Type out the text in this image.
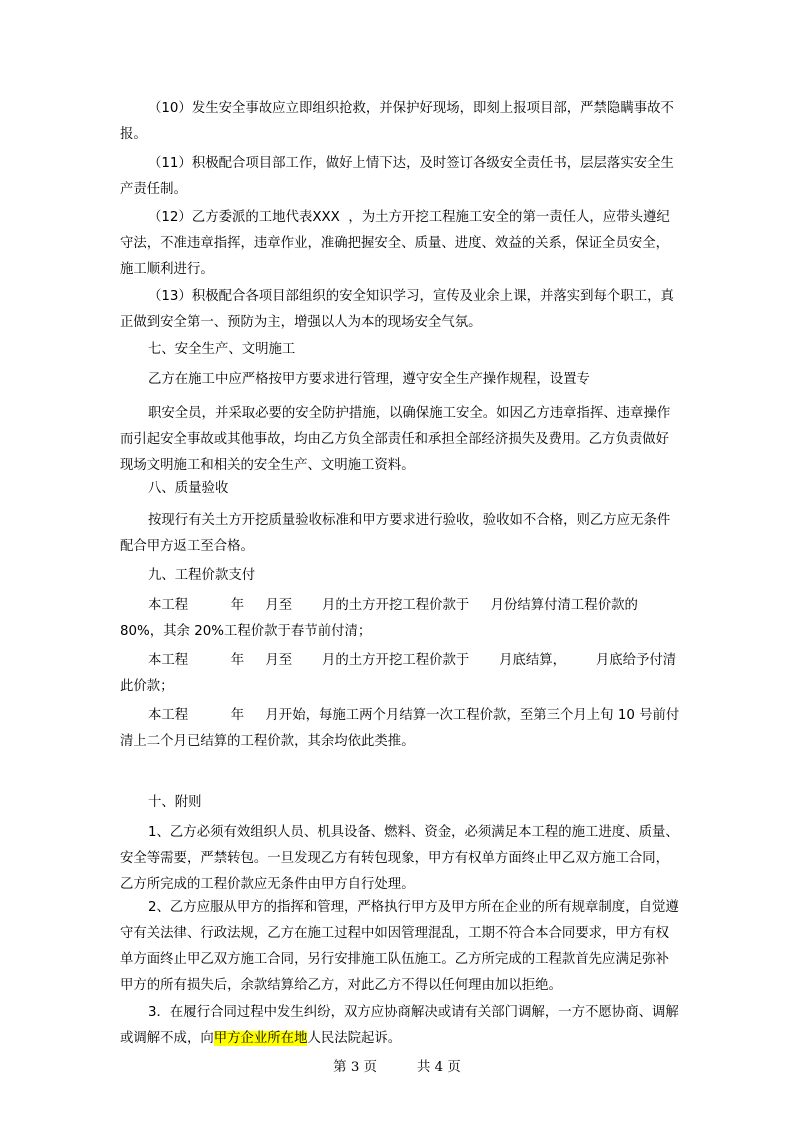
（10）发生安全事故应立即组织抢救，并保护好现场，即刻上报项目部，严禁隐瞒事故不报。

（11）积极配合项目部工作，做好上情下达，及时签订各级安全责任书，层层落实安全生产责任制。

（12）乙方委派的工地代表XXX  ，为土方开挖工程施工安全的第一责任人，应带头遵纪守法，不准违章指挥，违章作业，准确把握安全、质量、进度、效益的关系，保证全员安全，施工顺利进行。

（13）积极配合各项目部组织的安全知识学习，宣传及业余上课，并落实到每个职工，真正做到安全第一、预防为主，增强以人为本的现场安全气氛。

七、安全生产、文明施工

乙方在施工中应严格按甲方要求进行管理，遵守安全生产操作规程，设置专

职安全员，并采取必要的安全防护措施，以确保施工安全。如因乙方违章指挥、违章操作而引起安全事故或其他事故，均由乙方负全部责任和承担全部经济损失及费用。乙方负责做好现场文明施工和相关的安全生产、文明施工资料。

八、质量验收

按现行有关土方开挖质量验收标准和甲方要求进行验收，验收如不合格，则乙方应无条件配合甲方返工至合格。

九、工程价款支付

本工程          年     月至       月的土方开挖工程价款于     月份结算付清工程价款的80%，其余 20%工程价款于春节前付清；

本工程          年     月至       月的土方开挖工程价款于       月底结算，       月底给予付清此价款；

本工程          年     月开始，每施工两个月结算一次工程价款，至第三个月上旬 10 号前付清上二个月已结算的工程价款，其余均依此类推。

十、附则

1、乙方必须有效组织人员、机具设备、燃料、资金，必须满足本工程的施工进度、质量、安全等需要，严禁转包。一旦发现乙方有转包现象，甲方有权单方面终止甲乙双方施工合同，乙方所完成的工程价款应无条件由甲方自行处理。

2、乙方应服从甲方的指挥和管理，严格执行甲方及甲方所在企业的所有规章制度，自觉遵守有关法律、行政法规，乙方在施工过程中如因管理混乱，工期不符合本合同要求，甲方有权单方面终止甲乙双方施工合同，另行安排施工队伍施工。乙方所完成的工程款首先应满足弥补甲方的所有损失后，余款结算给乙方，对此乙方不得以任何理由加以拒绝。

3．在履行合同过程中发生纠纷，双方应协商解决或请有关部门调解，一方不愿协商、调解或调解不成，向甲方企业所在地人民法院起诉。

第 3 页	共 4 页
